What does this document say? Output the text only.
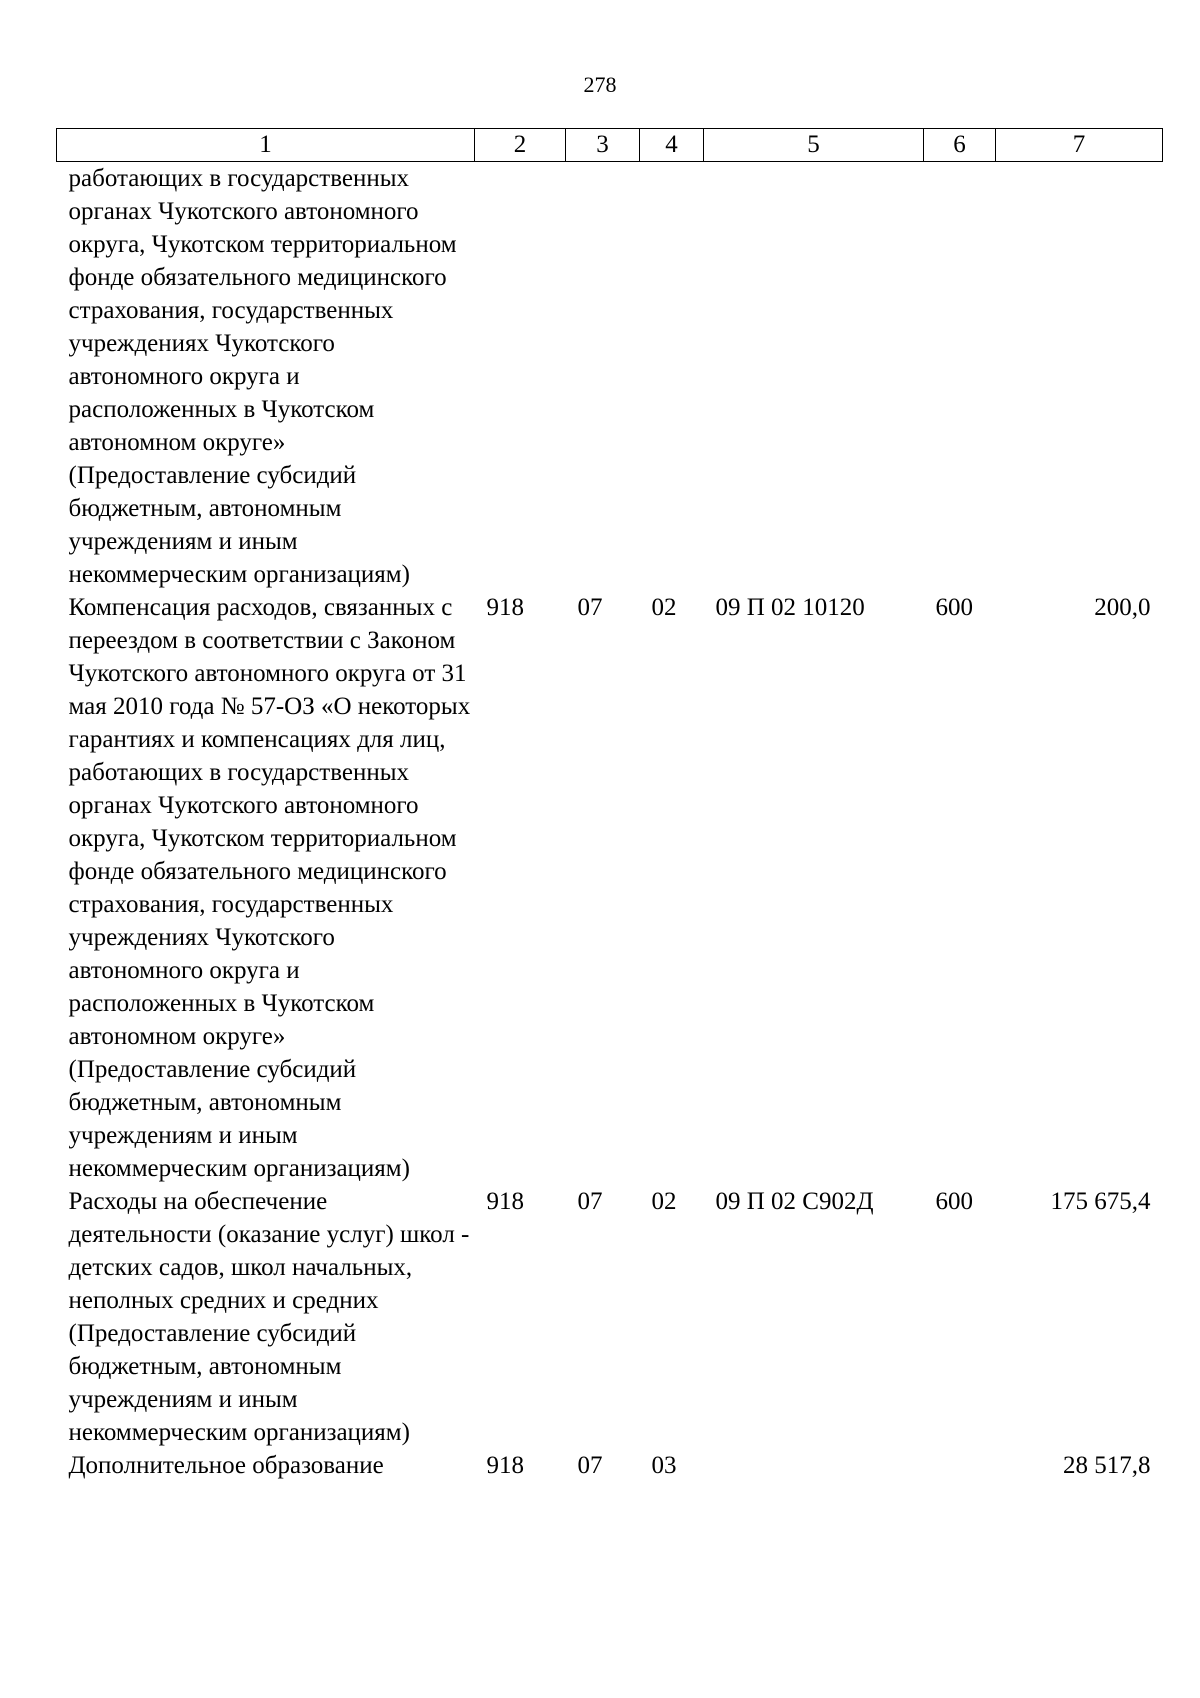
278
1	2	3	4	5	6	7
работающих в государственных органах Чукотского автономного округа, Чукотском территориальном фонде обязательного медицинского страхования, государственных учреждениях Чукотского автономного округа и расположенных в Чукотском автономном округе» (Предоставление субсидий бюджетным, автономным учреждениям и иным некоммерческим организациям)						
Компенсация расходов, связанных с переездом в соответствии с Законом Чукотского автономного округа от 31 мая 2010 года № 57-ОЗ «О некоторых гарантиях и компенсациях для лиц, работающих в государственных органах Чукотского автономного округа, Чукотском территориальном фонде обязательного медицинского страхования, государственных учреждениях Чукотского автономного округа и расположенных в Чукотском автономном округе» (Предоставление субсидий бюджетным, автономным учреждениям и иным некоммерческим организациям)	918	07	02	09 П 02 10120	600	200,0
Расходы на обеспечение деятельности (оказание услуг) школ - детских садов, школ начальных, неполных средних и средних (Предоставление субсидий бюджетным, автономным учреждениям и иным некоммерческим организациям)	918	07	02	09 П 02 С902Д	600	175 675,4
Дополнительное образование	918	07	03			28 517,8
